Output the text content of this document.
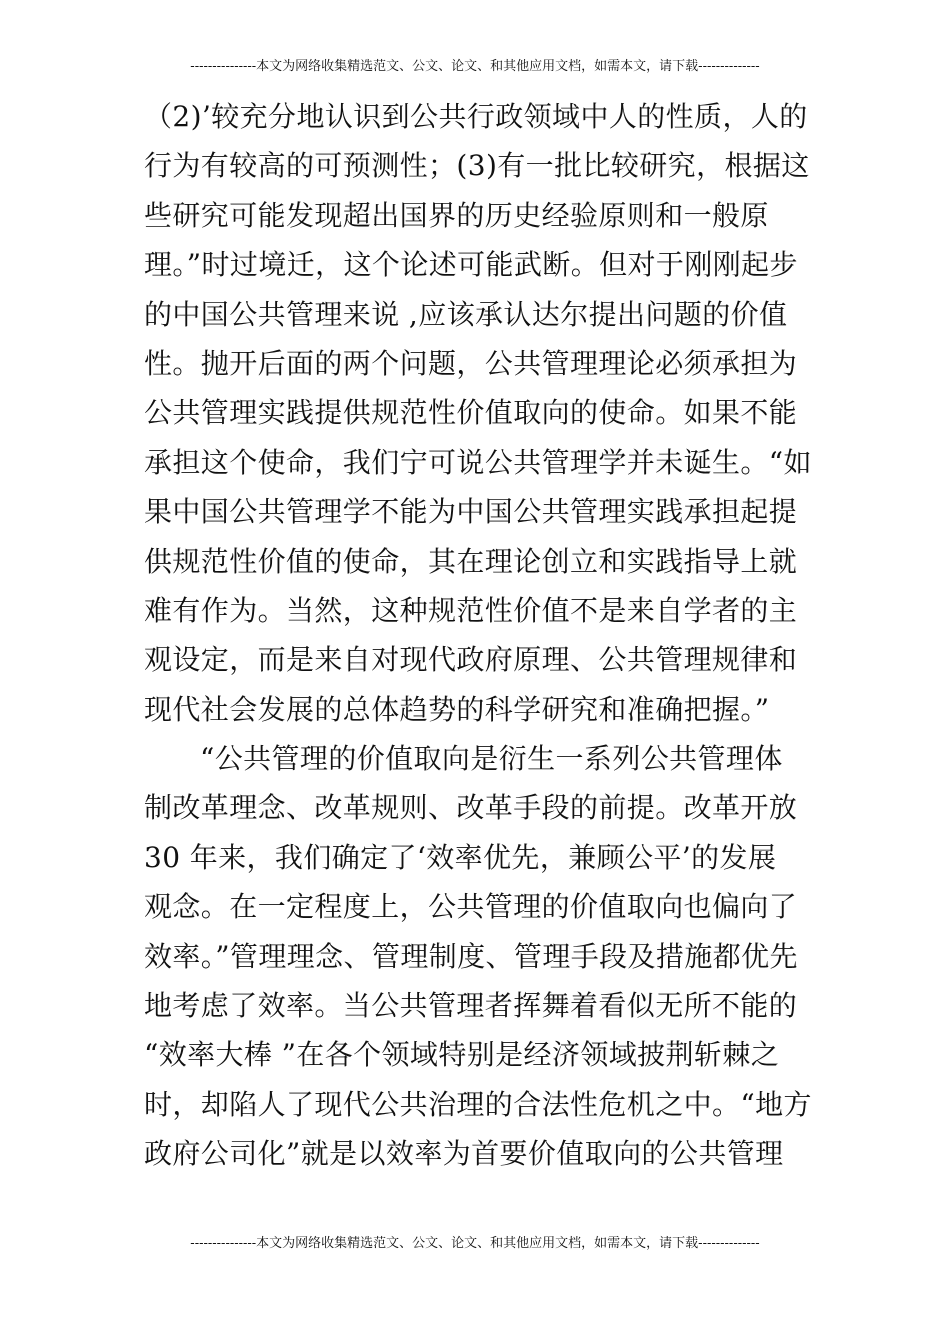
---------------本文为网络收集精选范文、公文、论文、和其他应用文档，如需本文，请下载--------------
（2)’较充分地认识到公共行政领域中人的性质，人的
行为有较高的可预测性；(3)有一批比较研究，根据这
些研究可能发现超出国界的历史经验原则和一般原
理。”时过境迁，这个论述可能武断。但对于刚刚起步
的中国公共管理来说 ,应该承认达尔提出问题的价值
性。抛开后面的两个问题，公共管理理论必须承担为
公共管理实践提供规范性价值取向的使命。如果不能
承担这个使命，我们宁可说公共管理学并未诞生。“如
果中国公共管理学不能为中国公共管理实践承担起提
供规范性价值的使命，其在理论创立和实践指导上就
难有作为。当然，这种规范性价值不是来自学者的主
观设定，而是来自对现代政府原理、公共管理规律和
现代社会发展的总体趋势的科学研究和准确把握。”
“公共管理的价值取向是衍生一系列公共管理体
制改革理念、改革规则、改革手段的前提。改革开放
30 年来，我们确定了‘效率优先，兼顾公平’的发展
观念。在一定程度上，公共管理的价值取向也偏向了
效率。”管理理念、管理制度、管理手段及措施都优先
地考虑了效率。当公共管理者挥舞着看似无所不能的
“效率大棒 ”在各个领域特别是经济领域披荆斩棘之
时，却陷人了现代公共治理的合法性危机之中。“地方
政府公司化”就是以效率为首要价值取向的公共管理
---------------本文为网络收集精选范文、公文、论文、和其他应用文档，如需本文，请下载--------------
